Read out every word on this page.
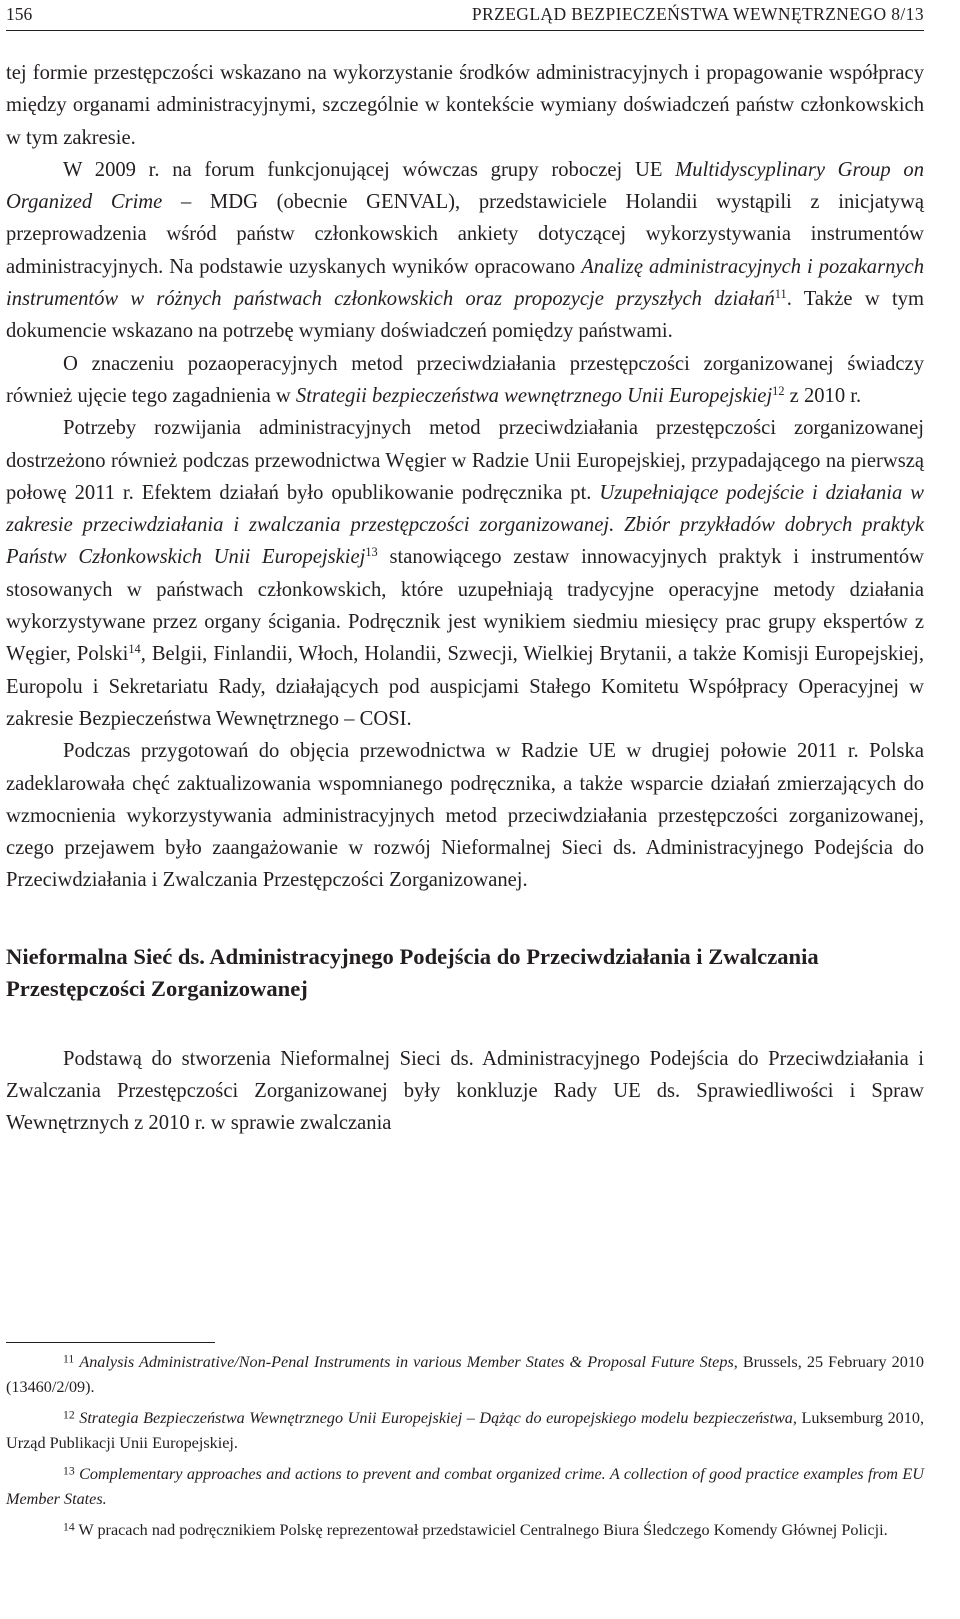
156	PRZEGLĄD BEZPIECZEŃSTWA WEWNĘTRZNEGO 8/13

tej formie przestępczości wskazano na wykorzystanie środków administracyjnych i propagowanie współpracy między organami administracyjnymi, szczególnie w kontekście wymiany doświadczeń państw członkowskich w tym zakresie.

W 2009 r. na forum funkcjonującej wówczas grupy roboczej UE Multidyscyplinary Group on Organized Crime – MDG (obecnie GENVAL), przedstawiciele Holandii wystąpili z inicjatywą przeprowadzenia wśród państw członkowskich ankiety dotyczącej wykorzystywania instrumentów administracyjnych. Na podstawie uzyskanych wyników opracowano Analizę administracyjnych i pozakarnych instrumentów w różnych państwach członkowskich oraz propozycje przyszłych działań$^{11}$. Także w tym dokumencie wskazano na potrzebę wymiany doświadczeń pomiędzy państwami.

O znaczeniu pozaoperacyjnych metod przeciwdziałania przestępczości zorganizowanej świadczy również ujęcie tego zagadnienia w Strategii bezpieczeństwa wewnętrznego Unii Europejskiej$^{12}$ z 2010 r.

Potrzeby rozwijania administracyjnych metod przeciwdziałania przestępczości zorganizowanej dostrzeżono również podczas przewodnictwa Węgier w Radzie Unii Europejskiej, przypadającego na pierwszą połowę 2011 r. Efektem działań było opublikowanie podręcznika pt. Uzupełniające podejście i działania w zakresie przeciwdziałania i zwalczania przestępczości zorganizowanej. Zbiór przykładów dobrych praktyk Państw Członkowskich Unii Europejskiej$^{13}$ stanowiącego zestaw innowacyjnych praktyk i instrumentów stosowanych w państwach członkowskich, które uzupełniają tradycyjne operacyjne metody działania wykorzystywane przez organy ścigania. Podręcznik jest wynikiem siedmiu miesięcy prac grupy ekspertów z Węgier, Polski$^{14}$, Belgii, Finlandii, Włoch, Holandii, Szwecji, Wielkiej Brytanii, a także Komisji Europejskiej, Europolu i Sekretariatu Rady, działających pod auspicjami Stałego Komitetu Współpracy Operacyjnej w zakresie Bezpieczeństwa Wewnętrznego – COSI.

Podczas przygotowań do objęcia przewodnictwa w Radzie UE w drugiej połowie 2011 r. Polska zadeklarowała chęć zaktualizowania wspomnianego podręcznika, a także wsparcie działań zmierzających do wzmocnienia wykorzystywania administracyjnych metod przeciwdziałania przestępczości zorganizowanej, czego przejawem było zaangażowanie w rozwój Nieformalnej Sieci ds. Administracyjnego Podejścia do Przeciwdziałania i Zwalczania Przestępczości Zorganizowanej.

Nieformalna Sieć ds. Administracyjnego Podejścia do Przeciwdziałania i Zwalczania Przestępczości Zorganizowanej

Podstawą do stworzenia Nieformalnej Sieci ds. Administracyjnego Podejścia do Przeciwdziałania i Zwalczania Przestępczości Zorganizowanej były konkluzje Rady UE ds. Sprawiedliwości i Spraw Wewnętrznych z 2010 r. w sprawie zwalczania

$^{11}$ Analysis Administrative/Non-Penal Instruments in various Member States & Proposal Future Steps, Brussels, 25 February 2010 (13460/2/09).

$^{12}$ Strategia Bezpieczeństwa Wewnętrznego Unii Europejskiej – Dążąc do europejskiego modelu bezpieczeństwa, Luksemburg 2010, Urząd Publikacji Unii Europejskiej.

$^{13}$ Complementary approaches and actions to prevent and combat organized crime. A collection of good practice examples from EU Member States.

$^{14}$ W pracach nad podręcznikiem Polskę reprezentował przedstawiciel Centralnego Biura Śledczego Komendy Głównej Policji.
